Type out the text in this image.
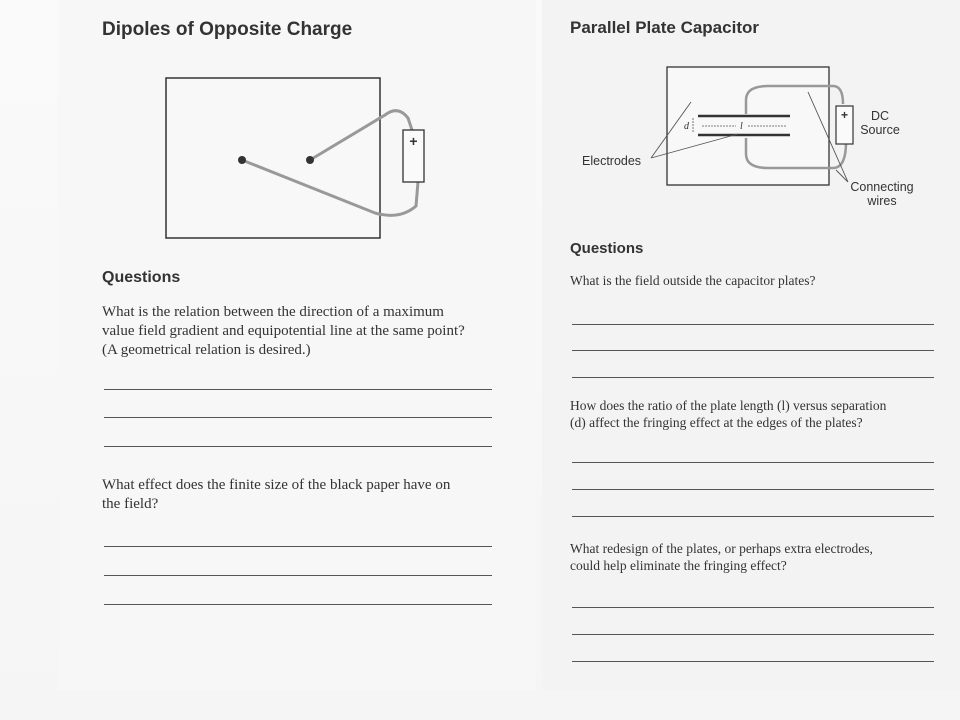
Dipoles of Opposite Charge
+
Questions
What is the relation between the direction of a maximum
value field gradient and equipotential line at the same point?
(A geometrical relation is desired.)
What effect does the finite size of the black paper have on
the field?
Parallel Plate Capacitor
d	l
+ DC
Source
Electrodes
Connecting
wires
Questions
What is the field outside the capacitor plates?
How does the ratio of the plate length (l) versus separation
(d) affect the fringing effect at the edges of the plates?
What redesign of the plates, or perhaps extra electrodes,
could help eliminate the fringing effect?
